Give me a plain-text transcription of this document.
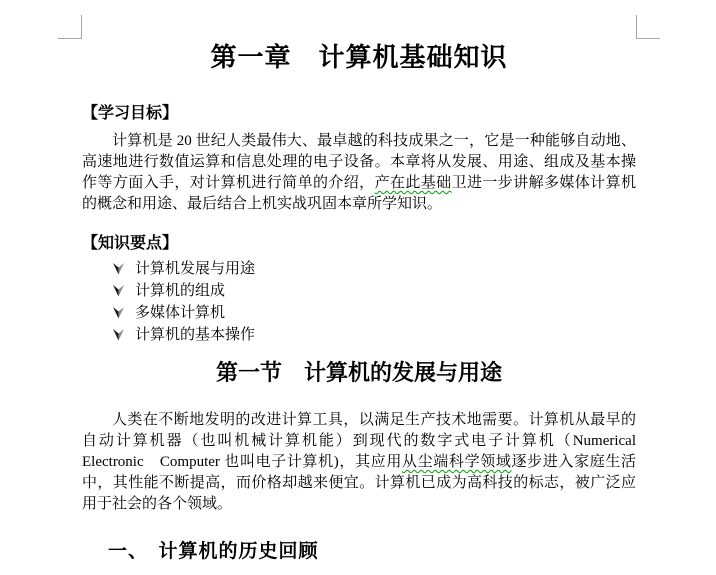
第一章　计算机基础知识
【学习目标】

计算机是 20 世纪人类最伟大、最卓越的科技成果之一，它是一种能够自动地、高速地进行数值运算和信息处理的电子设备。本章将从发展、用途、组成及基本操作等方面入手，对计算机进行简单的介绍，产在此基础卫进一步讲解多媒体计算机的概念和用途、最后结合上机实战巩固本章所学知识。

【知识要点】
计算机发展与用途
计算机的组成
多媒体计算机
计算机的基本操作
第一节　计算机的发展与用途

人类在不断地发明的改进计算工具，以满足生产技术地需要。计算机从最早的自动计算机器（也叫机械计算机能）到现代的数字式电子计算机（Numerical Electronic　Computer 也叫电子计算机)，其应用从尘端科学领域逐步进入家庭生活中，其性能不断提高，而价格却越来便宜。计算机已成为高科技的标志，被广泛应用于社会的各个领域。

一、　计算机的历史回顾
